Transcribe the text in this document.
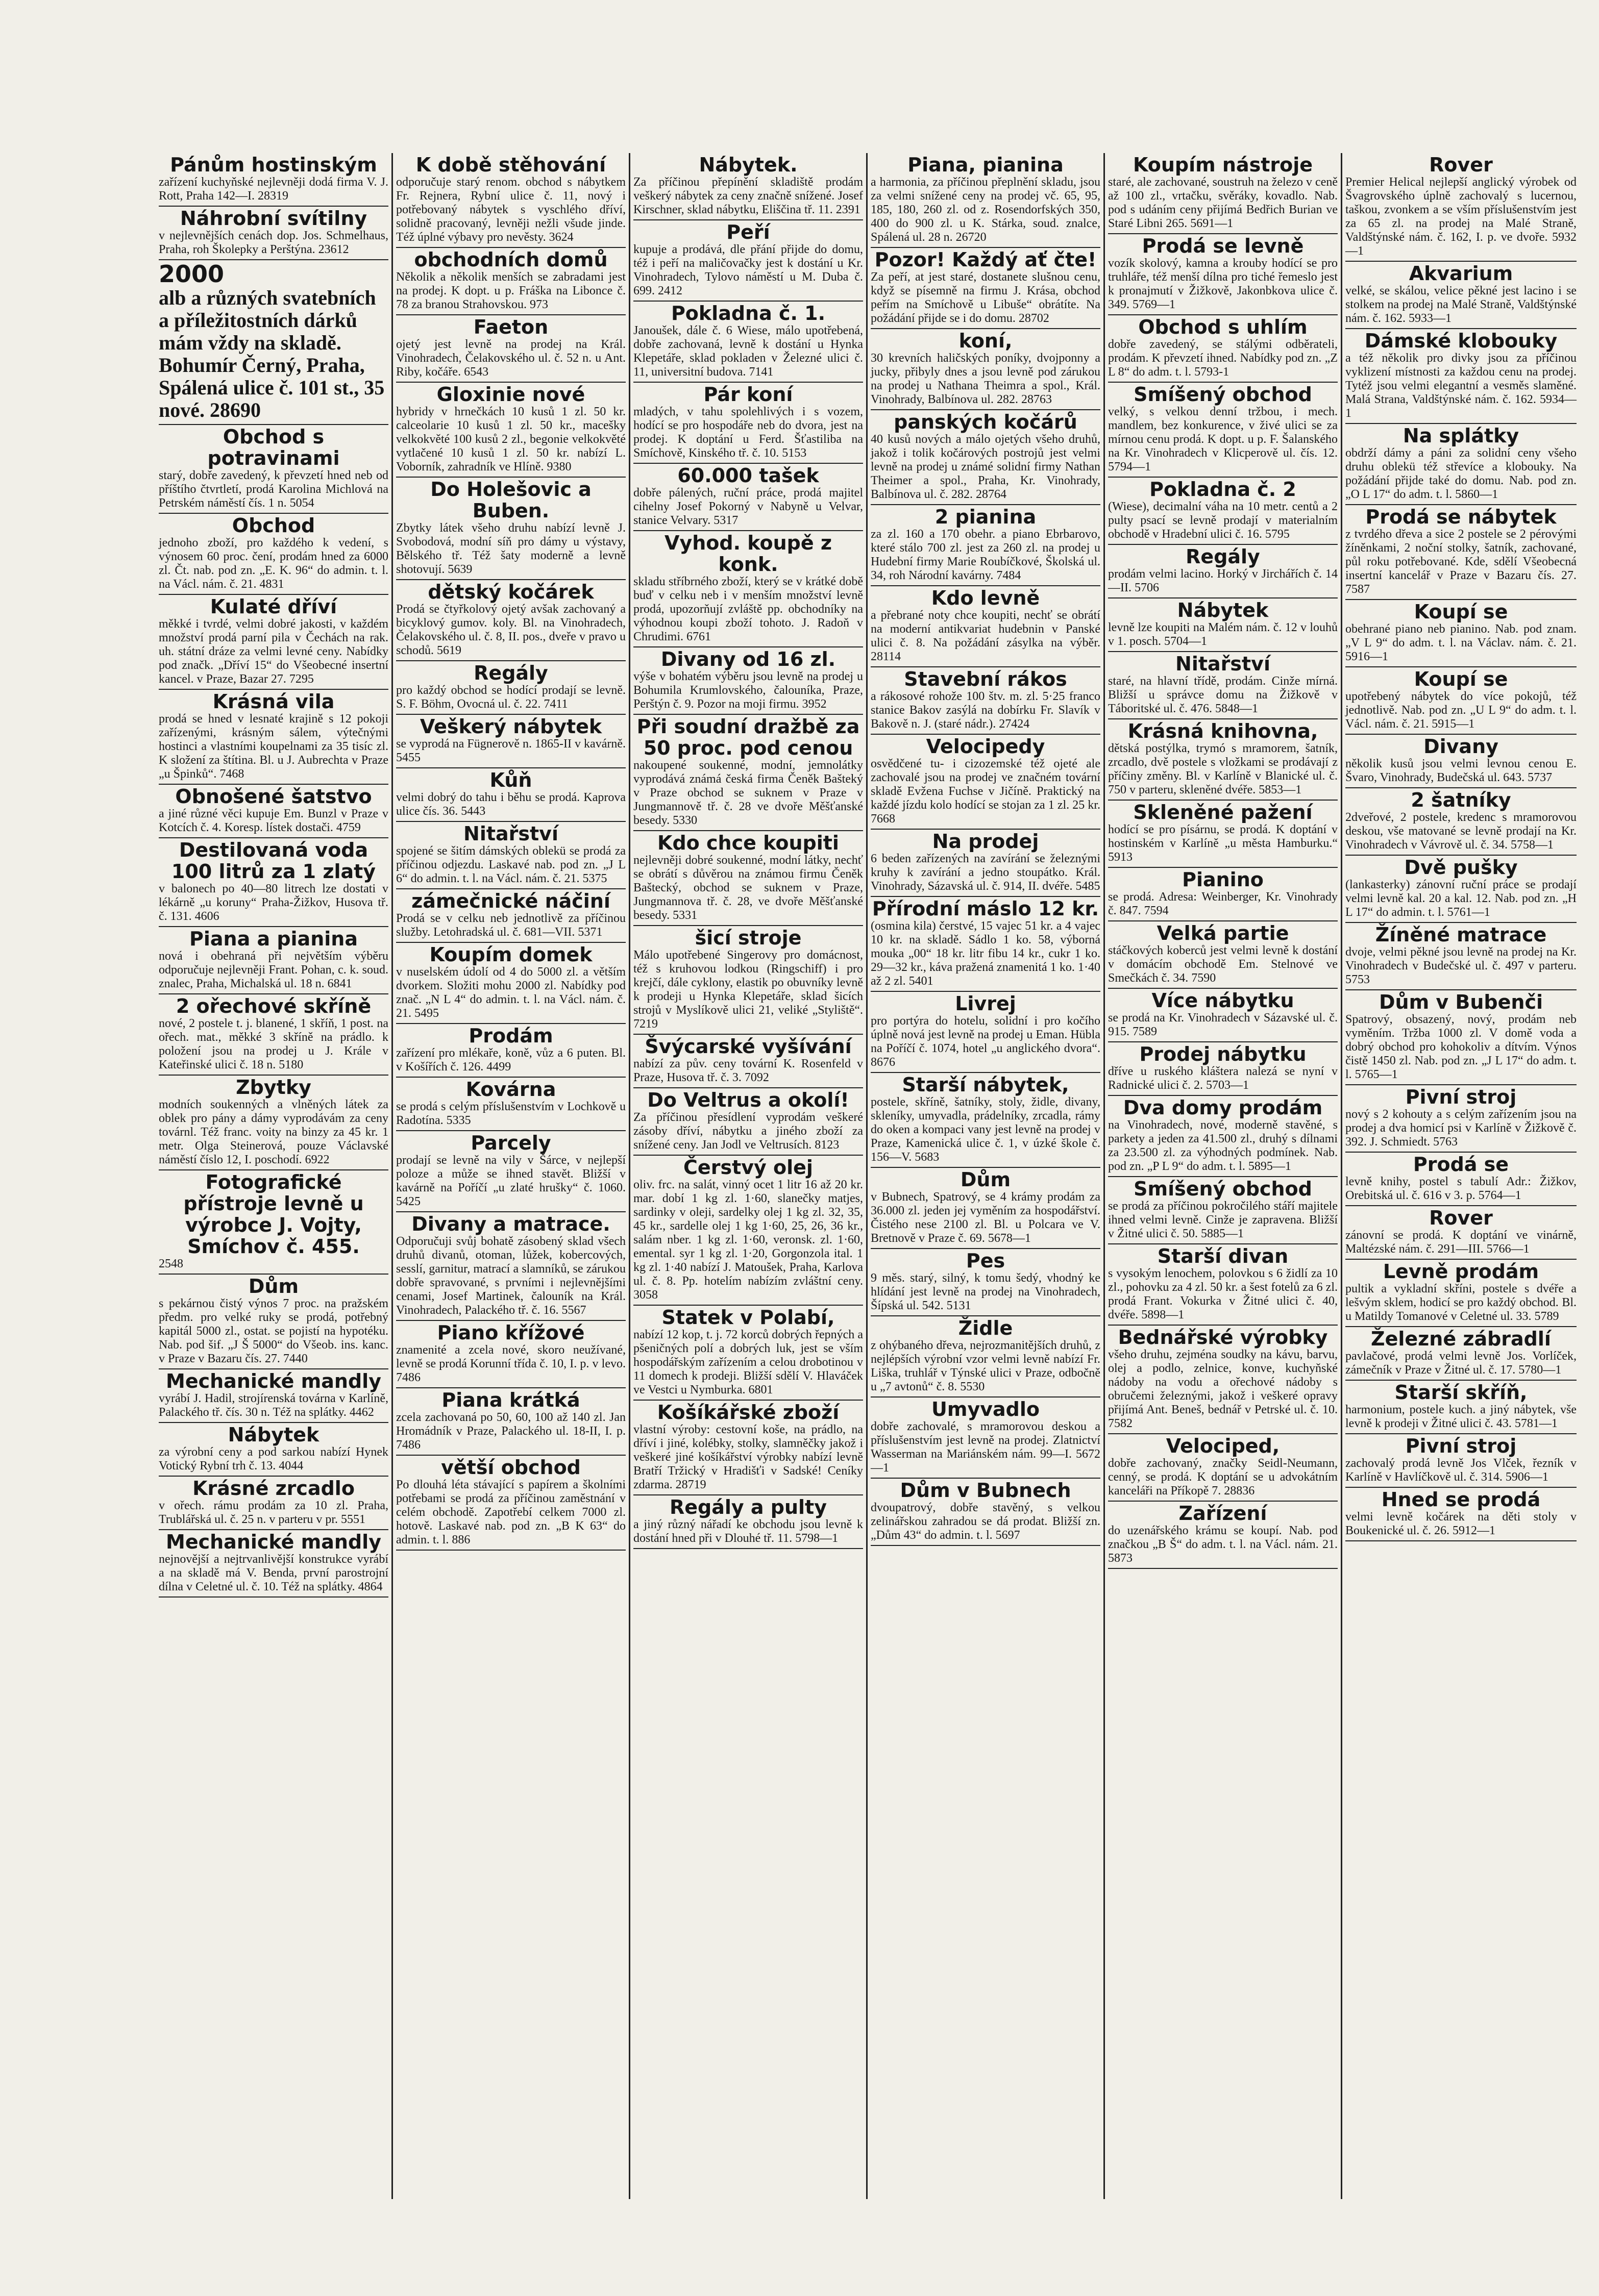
Pánům hostinským
zařízení kuchyňské nejlevněji dodá firma V. J. Rott, Praha 142—I. 28319
Náhrobní svítilny
v nejlevnějších cenách dop. Jos. Schmelhaus, Praha, roh Školepky a Perštýna. 23612
2000
alb a různých svatebních a příležitostních dárků mám vždy na skladě. Bohumír Černý, Praha, Spálená ulice č. 101 st., 35 nové. 28690
Obchod s potravinami
starý, dobře zavedený, k převzetí hned neb od příštího čtvrtletí, prodá Karolina Michlová na Petrském náměstí čís. 1 n. 5054
Obchod
jednoho zboží, pro každého k vedení, s výnosem 60 proc. čení, prodám hned za 6000 zl. Čt. nab. pod zn. „E. K. 96“ do admin. t. l. na Václ. nám. č. 21. 4831
Kulaté dříví
měkké i tvrdé, velmi dobré jakosti, v každém množství prodá parní pila v Čechách na rak. uh. státní dráze za velmi levné ceny. Nabídky pod značk. „Dříví 15“ do Všeobecné insertní kancel. v Praze, Bazar 27. 7295
Krásná vila
prodá se hned v lesnaté krajině s 12 pokoji zařízenými, krásným sálem, výtečnými hostinci a vlastními koupelnami za 35 tisíc zl. K složení za štítina. Bl. u J. Aubrechta v Praze „u Špinků“. 7468
Obnošené šatstvo
a jiné různé věci kupuje Em. Bunzl v Praze v Kotcích č. 4. Koresp. lístek dostači. 4759
Destilovaná voda 100 litrů za 1 zlatý
v balonech po 40—80 litrech lze dostati v lékárně „u koruny“ Praha-Žižkov, Husova tř. č. 131. 4606
Piana a pianina
nová i obehraná při největším výběru odporučuje nejlevněji Frant. Pohan, c. k. soud. znalec, Praha, Michalská ul. 18 n. 6841
2 ořechové skříně
nové, 2 postele t. j. blanené, 1 skříň, 1 post. na ořech. mat., měkké 3 skříně na prádlo. k položení jsou na prodej u J. Krále v Kateřinské ulici č. 18 n. 5180
Zbytky
modních soukenných a vlněných látek za oblek pro pány a dámy vyprodávám za ceny továrnl. Též franc. voity na binzy za 45 kr. 1 metr. Olga Steinerová, pouze Václavské náměstí číslo 12, I. poschodí. 6922
Fotografické přístroje levně u výrobce J. Vojty, Smíchov č. 455.
2548
Dům
s pekárnou čistý výnos 7 proc. na pražském předm. pro velké ruky se prodá, potřebný kapitál 5000 zl., ostat. se pojistí na hypotéku. Nab. pod šif. „J Š 5000“ do Všeob. ins. kanc. v Praze v Bazaru čís. 27. 7440
Mechanické mandly
vyrábí J. Hadil, strojírenská továrna v Karlíně, Palackého tř. čís. 30 n. Též na splátky. 4462
Nábytek
za výrobní ceny a pod sarkou nabízí Hynek Votický Rybní trh č. 13. 4044
Krásné zrcadlo
v ořech. rámu prodám za 10 zl. Praha, Trublářská ul. č. 25 n. v parteru v pr. 5551
Mechanické mandly
nejnovější a nejtrvanlivější konstrukce vyrábí a na skladě má V. Benda, první parostrojní dílna v Celetné ul. č. 10. Též na splátky. 4864
K době stěhování
odporučuje starý renom. obchod s nábytkem Fr. Rejnera, Rybní ulice č. 11, nový i potřebovaný nábytek s vyschlého dříví, solidně pracovaný, levněji nežli všude jinde. Též úplné výbavy pro nevěsty. 3624
obchodních domů
Několik a několik menších se zabradami jest na prodej. K dopt. u p. Fráška na Libonce č. 78 za branou Strahovskou. 973
Faeton
ojetý jest levně na prodej na Král. Vinohradech, Čelakovského ul. č. 52 n. u Ant. Riby, kočáře. 6543
Gloxinie nové
hybridy v hrnečkách 10 kusů 1 zl. 50 kr. calceolarie 10 kusů 1 zl. 50 kr., macešky velkokvěté 100 kusů 2 zl., begonie velkokvěté vytlačené 10 kusů 1 zl. 50 kr. nabízí L. Voborník, zahradník ve Hlíně. 9380
Do Holešovic a Buben.
Zbytky látek všeho druhu nabízí levně J. Svobodová, modní síň pro dámy u výstavy, Bělského tř. Též šaty moderně a levně shotovují. 5639
dětský kočárek
Prodá se čtyřkolový ojetý avšak zachovaný a bicyklový gumov. koly. Bl. na Vinohradech, Čelakovského ul. č. 8, II. pos., dveře v pravo u schodů. 5619
Regály
pro každý obchod se hodící prodají se levně. S. F. Böhm, Ovocná ul. č. 22. 7411
Veškerý nábytek
se vyprodá na Fügnerově n. 1865-II v kavárně. 5455
Kůň
velmi dobrý do tahu i běhu se prodá. Kaprova ulice čís. 36. 5443
Nitařství
spojené se šitím dámských oblekü se prodá za příčinou odjezdu. Laskavé nab. pod zn. „J L 6“ do admin. t. l. na Václ. nám. č. 21. 5375
zámečnické náčiní
Prodá se v celku neb jednotlivě za příčinou služby. Letohradská ul. č. 681—VII. 5371
Koupím domek
v nuselském údolí od 4 do 5000 zl. a větším dvorkem. Složiti mohu 2000 zl. Nabídky pod znač. „N L 4“ do admin. t. l. na Václ. nám. č. 21. 5495
Prodám
zařízení pro mlékaře, koně, vůz a 6 puten. Bl. v Košířích č. 126. 4499
Kovárna
se prodá s celým příslušenstvím v Lochkově u Radotína. 5335
Parcely
prodají se levně na vily v Šárce, v nejlepší poloze a může se ihned stavět. Bližší v kavárně na Poříčí „u zlaté hrušky“ č. 1060. 5425
Divany a matrace.
Odporučuji svůj bohatě zásobený sklad všech druhů divanů, otoman, lůžek, kobercových, sesslí, garnitur, matrací a slamníků, se zárukou dobře spravované, s prvními i nejlevnějšími cenami, Josef Martinek, čalouník na Král. Vinohradech, Palackého tř. č. 16. 5567
Piano křížové
znamenité a zcela nové, skoro neužívané, levně se prodá Korunní třída č. 10, I. p. v levo. 7486
Piana krátká
zcela zachovaná po 50, 60, 100 až 140 zl. Jan Hromádník v Praze, Palackého ul. 18-II, I. p. 7486
větší obchod
Po dlouhá léta stávající s papírem a školními potřebami se prodá za příčinou zaměstnání v celém obchodě. Zapotřebí celkem 7000 zl. hotově. Laskavé nab. pod zn. „B K 63“ do admin. t. l. 886
Nábytek.
Za příčinou přepínění skladiště prodám veškerý nábytek za ceny značně snížené. Josef Kirschner, sklad nábytku, Eliščina tř. 11. 2391
Peří
kupuje a prodává, dle přání přijde do domu, též i peří na maličovačky jest k dostání u Kr. Vinohradech, Tylovo náměstí u M. Duba č. 699. 2412
Pokladna č. 1.
Janoušek, dále č. 6 Wiese, málo upotřebená, dobře zachovaná, levně k dostání u Hynka Klepetáře, sklad pokladen v Železné ulici č. 11, universitní budova. 7141
Pár koní
mladých, v tahu spolehlivých i s vozem, hodící se pro hospodáře neb do dvora, jest na prodej. K doptání u Ferd. Šťastiliba na Smíchově, Kinského tř. č. 10. 5153
60.000 tašek
dobře pálených, ruční práce, prodá majitel cihelny Josef Pokorný v Nabyně u Velvar, stanice Velvary. 5317
Vyhod. koupě z konk.
skladu stříbrného zboží, který se v krátké době buď v celku neb i v menším množství levně prodá, upozorňují zvláště pp. obchodníky na výhodnou koupi zboží tohoto. J. Radoň v Chrudimi. 6761
Divany od 16 zl.
výše v bohatém výběru jsou levně na prodej u Bohumila Krumlovského, čalouníka, Praze, Perštýn č. 9. Pozor na moji firmu. 3952
Při soudní dražbě za 50 proc. pod cenou
nakoupené soukenné, modní, jemnolátky vyprodává známá česká firma Čeněk Bašteký v Praze obchod se suknem v Praze v Jungmannově tř. č. 28 ve dvoře Měšťanské besedy. 5330
Kdo chce koupiti
nejlevněji dobré soukenné, modní látky, nechť se obrátí s důvěrou na známou firmu Čeněk Baštecký, obchod se suknem v Praze, Jungmannova tř. č. 28, ve dvoře Měšťanské besedy. 5331
šicí stroje
Málo upotřebené Singerovy pro domácnost, též s kruhovou lodkou (Ringschiff) i pro krejčí, dále cyklony, elastik po obuvníky levně k prodeji u Hynka Klepetáře, sklad šicích strojů v Myslíkově ulici 21, veliké „Styliště“. 7219
Švýcarské vyšívání
nabízí za pův. ceny tovární K. Rosenfeld v Praze, Husova tř. č. 3. 7092
Do Veltrus a okolí!
Za příčinou přesídlení vyprodám veškeré zásoby dříví, nábytku a jiného zboží za snížené ceny. Jan Jodl ve Veltrusích. 8123
Čerstvý olej
oliv. frc. na salát, vinný ocet 1 litr 16 až 20 kr. mar. dobí 1 kg zl. 1·60, slanečky matjes, sardinky v oleji, sardelky olej 1 kg zl. 32, 35, 45 kr., sardelle olej 1 kg 1·60, 25, 26, 36 kr., salám nber. 1 kg zl. 1·60, veronsk. zl. 1·60, emental. syr 1 kg zl. 1·20, Gorgonzola ital. 1 kg zl. 1·40 nabízí J. Matoušek, Praha, Karlova ul. č. 8. Pp. hotelím nabízím zvláštní ceny. 3058
Statek v Polabí,
nabízí 12 kop, t. j. 72 korců dobrých řepných a pšeničných polí a dobrých luk, jest se vším hospodářským zařízením a celou drobotinou v 11 domech k prodeji. Bližší sdělí V. Hlaváček ve Vestci u Nymburka. 6801
Košíkářské zboží
vlastní výroby: cestovní koše, na prádlo, na dříví i jiné, kolébky, stolky, slamněčky jakož i veškeré jiné košíkářství výrobky nabízí levně Bratří Tržický v Hradišťi v Sadské! Ceníky zdarma. 28719
Regály a pulty
a jiný různý nářadí ke obchodu jsou levně k dostání hned při v Dlouhé tř. 11. 5798—1
Piana, pianina
a harmonia, za příčinou přeplnění skladu, jsou za velmi snížené ceny na prodej vč. 65, 95, 185, 180, 260 zl. od z. Rosendorfských 350, 400 do 900 zl. u K. Stárka, soud. znalce, Spálená ul. 28 n. 26720
Pozor! Každý ať čte!
Za peří, at jest staré, dostanete slušnou cenu, když se písemně na firmu J. Krása, obchod peřím na Smíchově u Libuše“ obrátíte. Na požádání přijde se i do domu. 28702
koní,
30 krevních haličských poníky, dvojponny a jucky, přibyly dnes a jsou levně pod zárukou na prodej u Nathana Theimra a spol., Král. Vinohrady, Balbínova ul. 282. 28763
panských kočárů
40 kusů nových a málo ojetých všeho druhů, jakož i tolik kočárových postrojů jest velmi levně na prodej u známé solidní firmy Nathan Theimer a spol., Praha, Kr. Vinohrady, Balbínova ul. č. 282. 28764
2 pianina
za zl. 160 a 170 obehr. a piano Ebrbarovo, které stálo 700 zl. jest za 260 zl. na prodej u Hudební firmy Marie Roubíčkové, Školská ul. 34, roh Národní kavárny. 7484
Kdo levně
a přebrané noty chce koupiti, nechť se obrátí na moderní antikvariat hudebnin v Panské ulici č. 8. Na požádání zásylka na výběr. 28114
Stavební rákos
a rákosové rohože 100 štv. m. zl. 5·25 franco stanice Bakov zasýlá na dobírku Fr. Slavík v Bakově n. J. (staré nádr.). 27424
Velocipedy
osvědčené tu- i cizozemské též ojeté ale zachovalé jsou na prodej ve značném tovární skladě Evžena Fuchse v Jičíně. Praktický na každé jízdu kolo hodící se stojan za 1 zl. 25 kr. 7668
Na prodej
6 beden zařízených na zavírání se železnými kruhy k zavírání a jedno stoupátko. Král. Vinohrady, Sázavská ul. č. 914, II. dvéře. 5485
Přírodní máslo 12 kr.
(osmina kila) čerstvé, 15 vajec 51 kr. a 4 vajec 10 kr. na skladě. Sádlo 1 ko. 58, výborná mouka „00“ 18 kr. litr fibu 14 kr., cukr 1 ko. 29—32 kr., káva pražená znamenitá 1 ko. 1·40 až 2 zl. 5401
Livrej
pro portýra do hotelu, solidní i pro kočího úplně nová jest levně na prodej u Eman. Hübla na Poříčí č. 1074, hotel „u anglického dvora“. 8676
Starší nábytek,
postele, skříně, šatníky, stoly, židle, divany, skleníky, umyvadla, prádelníky, zrcadla, rámy do oken a kompaci vany jest levně na prodej v Praze, Kamenická ulice č. 1, v úzké škole č. 156—V. 5683
Dům
v Bubnech, Spatrový, se 4 krámy prodám za 36.000 zl. jeden jej vyměním za hospodářství. Čistého nese 2100 zl. Bl. u Polcara ve V. Bretnově v Praze č. 69. 5678—1
Pes
9 měs. starý, silný, k tomu šedý, vhodný ke hlídání jest levně na prodej na Vinohradech, Šípská ul. 542. 5131
Židle
z ohýbaného dřeva, nejrozmanitějších druhů, z nejlépších výrobní vzor velmi levně nabízí Fr. Liška, truhlář v Týnské ulici v Praze, odbočně u „7 avtonů“ č. 8. 5530
Umyvadlo
dobře zachovalé, s mramorovou deskou a příslušenstvím jest levně na prodej. Zlatnictví Wasserman na Mariánském nám. 99—I. 5672—1
Dům v Bubnech
dvoupatrový, dobře stavěný, s velkou zelinářskou zahradou se dá prodat. Bližší zn. „Dům 43“ do admin. t. l. 5697
Koupím nástroje
staré, ale zachované, soustruh na železo v ceně až 100 zl., vrtačku, svěráky, kovadlo. Nab. pod s udáním ceny přijímá Bedřich Burian ve Staré Libni 265. 5691—1
Prodá se levně
vozík skolový, kamna a krouby hodící se pro truhláře, též menší dílna pro tiché řemeslo jest k pronajmutí v Žižkově, Jakonbkova ulice č. 349. 5769—1
Obchod s uhlím
dobře zavedený, se stálými odběrateli, prodám. K převzetí ihned. Nabídky pod zn. „Z L 8“ do adm. t. l. 5793-1
Smíšený obchod
velký, s velkou denní tržbou, i mech. mandlem, bez konkurence, v živé ulici se za mírnou cenu prodá. K dopt. u p. F. Šalanského na Kr. Vinohradech v Klicperově ul. čís. 12. 5794—1
Pokladna č. 2
(Wiese), decimalní váha na 10 metr. centů a 2 pulty psací se levně prodají v materialním obchodě v Hradební ulici č. 16. 5795
Regály
prodám velmi lacino. Horký v Jirchářích č. 14—II. 5706
Nábytek
levně lze koupiti na Malém nám. č. 12 v louhů v 1. posch. 5704—1
Nitařství
staré, na hlavní třídě, prodám. Cinže mírná. Bližší u správce domu na Žižkově v Táboritské ul. č. 476. 5848—1
Krásná knihovna,
dětská postýlka, trymó s mramorem, šatník, zrcadlo, dvě postele s vložkami se prodávají z příčiny změny. Bl. v Karlíně v Blanické ul. č. 750 v parteru, skleněné dvéře. 5853—1
Skleněné pažení
hodící se pro písárnu, se prodá. K doptání v hostinském v Karlíně „u města Hamburku.“ 5913
Pianino
se prodá. Adresa: Weinberger, Kr. Vinohrady č. 847. 7594
Velká partie
stáčkových koberců jest velmi levně k dostání v domácím obchodě Em. Stelnové ve Smečkách č. 34. 7590
Více nábytku
se prodá na Kr. Vinohradech v Sázavské ul. č. 915. 7589
Prodej nábytku
dříve u ruského kláštera nalezá se nyní v Radnické ulici č. 2. 5703—1
Dva domy prodám
na Vinohradech, nové, moderně stavěné, s parkety a jeden za 41.500 zl., druhý s dílnami za 23.500 zl. za výhodných podmínek. Nab. pod zn. „P L 9“ do adm. t. l. 5895—1
Smíšený obchod
se prodá za příčinou pokročilého stáří majitele ihned velmi levně. Cinže je zapravena. Bližší v Žitné ulici č. 50. 5885—1
Starší divan
s vysokým lenochem, polovkou s 6 židlí za 10 zl., pohovku za 4 zl. 50 kr. a šest fotelů za 6 zl. prodá Frant. Vokurka v Žitné ulici č. 40, dvéře. 5898—1
Bednářské výrobky
všeho druhu, zejména soudky na kávu, barvu, olej a podlo, zelnice, konve, kuchyňské nádoby na vodu a ořechové nádoby s obručemi železnými, jakož i veškeré opravy přijímá Ant. Beneš, bednář v Petrské ul. č. 10. 7582
Velociped,
dobře zachovaný, značky Seidl-Neumann, cenný, se prodá. K doptání se u advokátním kanceláři na Příkopě 7. 28836
Zařízení
do uzenářského krámu se koupí. Nab. pod značkou „B Š“ do adm. t. l. na Václ. nám. 21. 5873
Rover
Premier Helical nejlepší anglický výrobek od Švagrovského úplně zachovalý s lucernou, taškou, zvonkem a se vším příslušenstvím jest za 65 zl. na prodej na Malé Straně, Valdštýnské nám. č. 162, I. p. ve dvoře. 5932—1
Akvarium
velké, se skálou, velice pěkné jest lacino i se stolkem na prodej na Malé Straně, Valdštýnské nám. č. 162. 5933—1
Dámské klobouky
a též několik pro divky jsou za příčinou vyklizení místnosti za každou cenu na prodej. Tytéž jsou velmi elegantní a vesměs slaměné. Malá Strana, Valdštýnské nám. č. 162. 5934—1
Na splátky
obdrží dámy a páni za solidní ceny všeho druhu oblekü též střevíce a klobouky. Na požádání přijde také do domu. Nab. pod zn. „O L 17“ do adm. t. l. 5860—1
Prodá se nábytek
z tvrdého dřeva a sice 2 postele se 2 pérovými žíněnkami, 2 noční stolky, šatník, zachované, půl roku potřebované. Kde, sdělí Všeobecná insertní kancelář v Praze v Bazaru čís. 27. 7587
Koupí se
obehrané piano neb pianino. Nab. pod znam. „V L 9“ do adm. t. l. na Václav. nám. č. 21. 5916—1
Koupí se
upotřebený nábytek do více pokojů, též jednotlivě. Nab. pod zn. „U L 9“ do adm. t. l. Václ. nám. č. 21. 5915—1
Divany
několik kusů jsou velmi levnou cenou E. Švaro, Vinohrady, Budečská ul. 643. 5737
2 šatníky
2dveřové, 2 postele, kredenc s mramorovou deskou, vše matované se levně prodají na Kr. Vinohradech v Vávrově ul. č. 34. 5758—1
Dvě pušky
(lankasterky) zánovní ruční práce se prodají velmi levně kal. 20 a kal. 12. Nab. pod zn. „H L 17“ do admin. t. l. 5761—1
Žíněné matrace
dvoje, velmi pěkné jsou levně na prodej na Kr. Vinohradech v Budečské ul. č. 497 v parteru. 5753
Dům v Bubenči
Spatrový, obsazený, nový, prodám neb vyměním. Tržba 1000 zl. V domě voda a dobrý obchod pro kohokoliv a dítvím. Výnos čistě 1450 zl. Nab. pod zn. „J L 17“ do adm. t. l. 5765—1
Pivní stroj
nový s 2 kohouty a s celým zařízením jsou na prodej a dva homicí psi v Karlíně v Žižkově č. 392. J. Schmiedt. 5763
Prodá se
levně knihy, postel s tabulí Adr.: Žižkov, Orebitská ul. č. 616 v 3. p. 5764—1
Rover
zánovní se prodá. K doptání ve vinárně, Maltézské nám. č. 291—III. 5766—1
Levně prodám
pultik a vykladní skříni, postele s dvéře a lešvým sklem, hodicí se pro každý obchod. Bl. u Matildy Tomanové v Celetné ul. 33. 5789
Železné zábradlí
pavlačové, prodá velmi levně Jos. Vorlíček, zámečník v Praze v Žitné ul. č. 17. 5780—1
Starší skříň,
harmonium, postele kuch. a jiný nábytek, vše levně k prodeji v Žitné ulici č. 43. 5781—1
Pivní stroj
zachovalý prodá levně Jos Vlček, řezník v Karlíně v Havlíčkově ul. č. 314. 5906—1
Hned se prodá
velmi levně kočárek na děti stoly v Boukenické ul. č. 26. 5912—1
